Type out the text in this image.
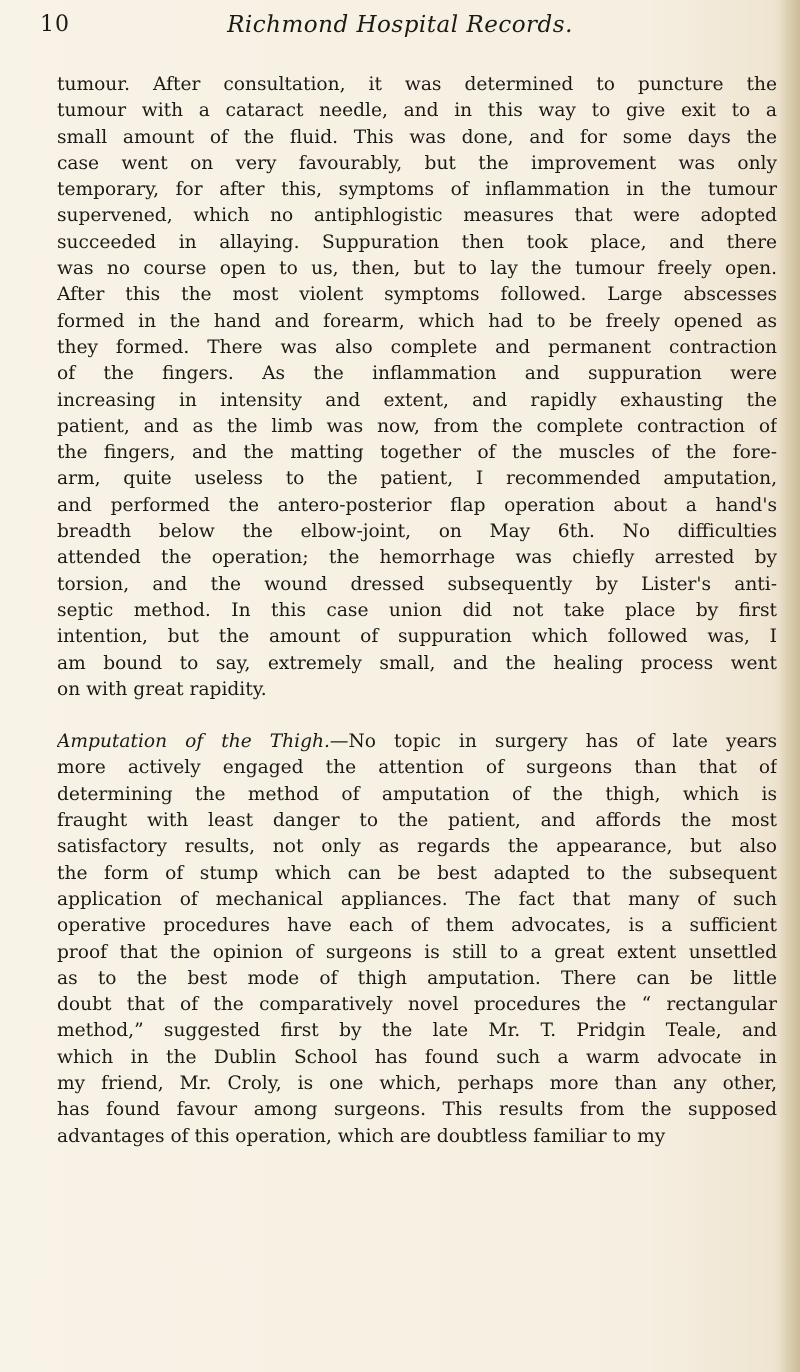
10	Richmond Hospital Records.

tumour. After consultation, it was determined to puncture the
tumour with a cataract needle, and in this way to give exit to a
small amount of the fluid. This was done, and for some days the
case went on very favourably, but the improvement was only
temporary, for after this, symptoms of inflammation in the tumour
supervened, which no antiphlogistic measures that were adopted
succeeded in allaying. Suppuration then took place, and there
was no course open to us, then, but to lay the tumour freely open.
After this the most violent symptoms followed. Large abscesses
formed in the hand and forearm, which had to be freely opened as
they formed. There was also complete and permanent contraction
of the fingers. As the inflammation and suppuration were
increasing in intensity and extent, and rapidly exhausting the
patient, and as the limb was now, from the complete contraction of
the fingers, and the matting together of the muscles of the fore-
arm, quite useless to the patient, I recommended amputation,
and performed the antero-posterior flap operation about a hand's
breadth below the elbow-joint, on May 6th. No difficulties
attended the operation; the hemorrhage was chiefly arrested by
torsion, and the wound dressed subsequently by Lister's anti-
septic method. In this case union did not take place by first
intention, but the amount of suppuration which followed was, I
am bound to say, extremely small, and the healing process went
on with great rapidity.

Amputation of the Thigh.—No topic in surgery has of late years
more actively engaged the attention of surgeons than that of
determining the method of amputation of the thigh, which is
fraught with least danger to the patient, and affords the most
satisfactory results, not only as regards the appearance, but also
the form of stump which can be best adapted to the subsequent
application of mechanical appliances. The fact that many of such
operative procedures have each of them advocates, is a sufficient
proof that the opinion of surgeons is still to a great extent unsettled
as to the best mode of thigh amputation. There can be little
doubt that of the comparatively novel procedures the “ rectangular
method,” suggested first by the late Mr. T. Pridgin Teale, and
which in the Dublin School has found such a warm advocate in
my friend, Mr. Croly, is one which, perhaps more than any other,
has found favour among surgeons. This results from the supposed
advantages of this operation, which are doubtless familiar to my
